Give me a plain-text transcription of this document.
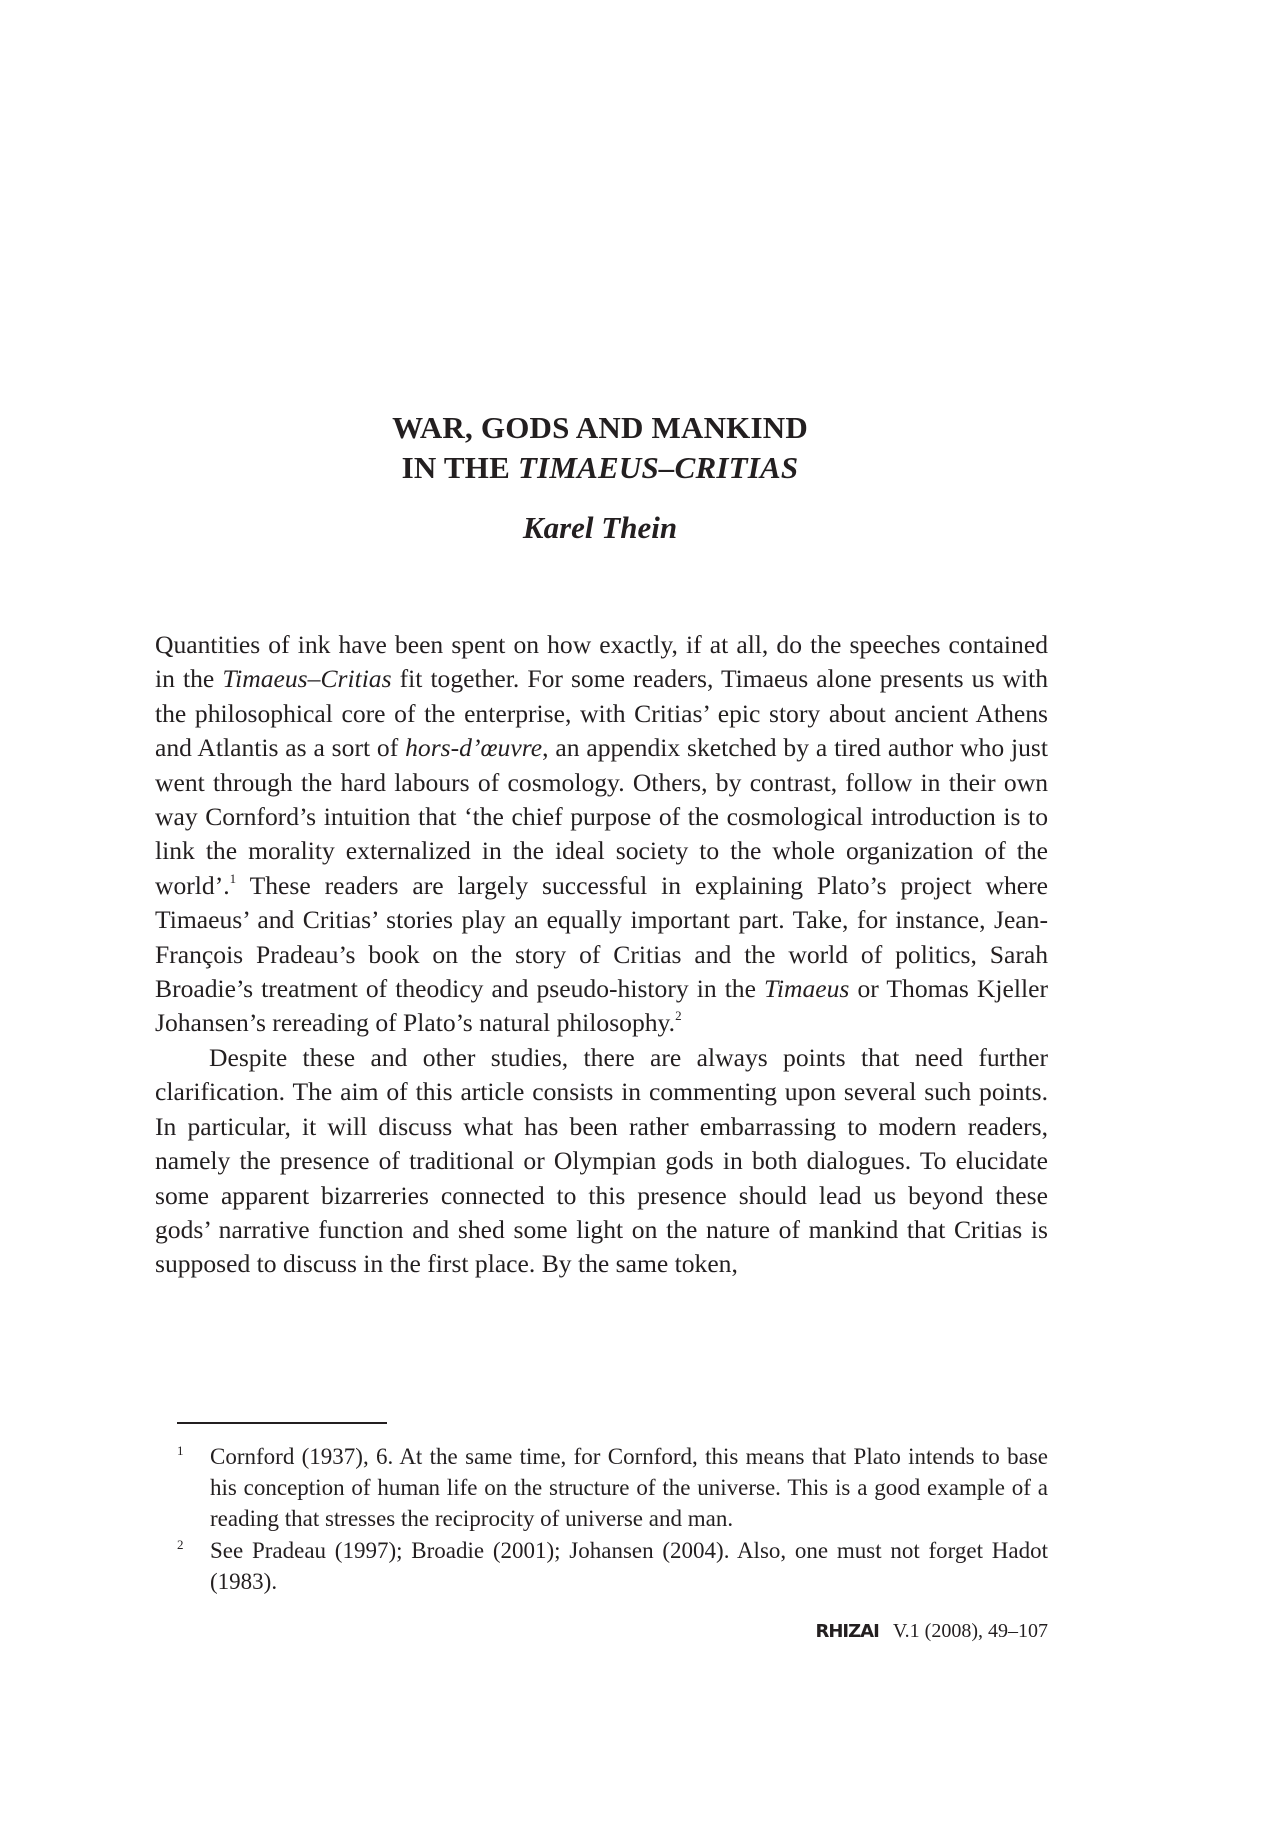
WAR, GODS AND MANKIND
IN THE TIMAEUS–CRITIAS
Karel Thein

Quantities of ink have been spent on how exactly, if at all, do the speeches contained in the Timaeus–Critias fit together. For some readers, Timaeus alone presents us with the philosophical core of the enterprise, with Critias’ epic story about ancient Athens and Atlantis as a sort of hors-d’œuvre, an appendix sketched by a tired author who just went through the hard labours of cosmology. Others, by contrast, follow in their own way Cornford’s intuition that ‘the chief purpose of the cosmological introduction is to link the morality externalized in the ideal society to the whole organization of the world’.$^1$ These readers are largely successful in explaining Plato’s project where Timaeus’ and Critias’ stories play an equally important part. Take, for instance, Jean-François Pradeau’s book on the story of Critias and the world of politics, Sarah Broadie’s treatment of theodicy and pseudo-history in the Timaeus or Thomas Kjeller Johansen’s rereading of Plato’s natural philosophy.$^2$

Despite these and other studies, there are always points that need further clarification. The aim of this article consists in commenting upon several such points. In particular, it will discuss what has been rather embarrassing to modern readers, namely the presence of traditional or Olympian gods in both dialogues. To elucidate some apparent bizarreries connected to this presence should lead us beyond these gods’ narrative function and shed some light on the nature of mankind that Critias is supposed to discuss in the first place. By the same token,

1 Cornford (1937), 6. At the same time, for Cornford, this means that Plato intends to base his conception of human life on the structure of the universe. This is a good example of a reading that stresses the reciprocity of universe and man.
2 See Pradeau (1997); Broadie (2001); Johansen (2004). Also, one must not forget Hadot (1983).
RHIZAI V.1 (2008), 49–107
